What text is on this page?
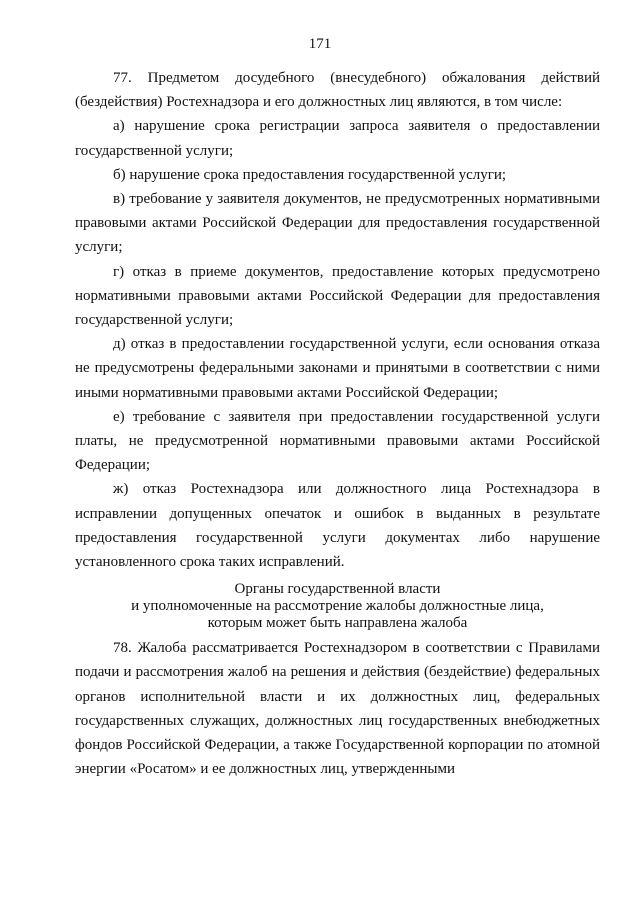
171

77. Предметом досудебного (внесудебного) обжалования действий (бездействия) Ростехнадзора и его должностных лиц являются, в том числе:

а) нарушение срока регистрации запроса заявителя о предоставлении государственной услуги;

б) нарушение срока предоставления государственной услуги;

в) требование у заявителя документов, не предусмотренных нормативными правовыми актами Российской Федерации для предоставления государственной услуги;

г) отказ в приеме документов, предоставление которых предусмотрено нормативными правовыми актами Российской Федерации для предоставления государственной услуги;

д) отказ в предоставлении государственной услуги, если основания отказа не предусмотрены федеральными законами и принятыми в соответствии с ними иными нормативными правовыми актами Российской Федерации;

е) требование с заявителя при предоставлении государственной услуги платы, не предусмотренной нормативными правовыми актами Российской Федерации;

ж) отказ Ростехнадзора или должностного лица Ростехнадзора в исправлении допущенных опечаток и ошибок в выданных в результате предоставления государственной услуги документах либо нарушение установленного срока таких исправлений.

Органы государственной власти
и уполномоченные на рассмотрение жалобы должностные лица,
которым может быть направлена жалоба

78. Жалоба рассматривается Ростехнадзором в соответствии с Правилами подачи и рассмотрения жалоб на решения и действия (бездействие) федеральных органов исполнительной власти и их должностных лиц, федеральных государственных служащих, должностных лиц государственных внебюджетных фондов Российской Федерации, а также Государственной корпорации по атомной энергии «Росатом» и ее должностных лиц, утвержденными
